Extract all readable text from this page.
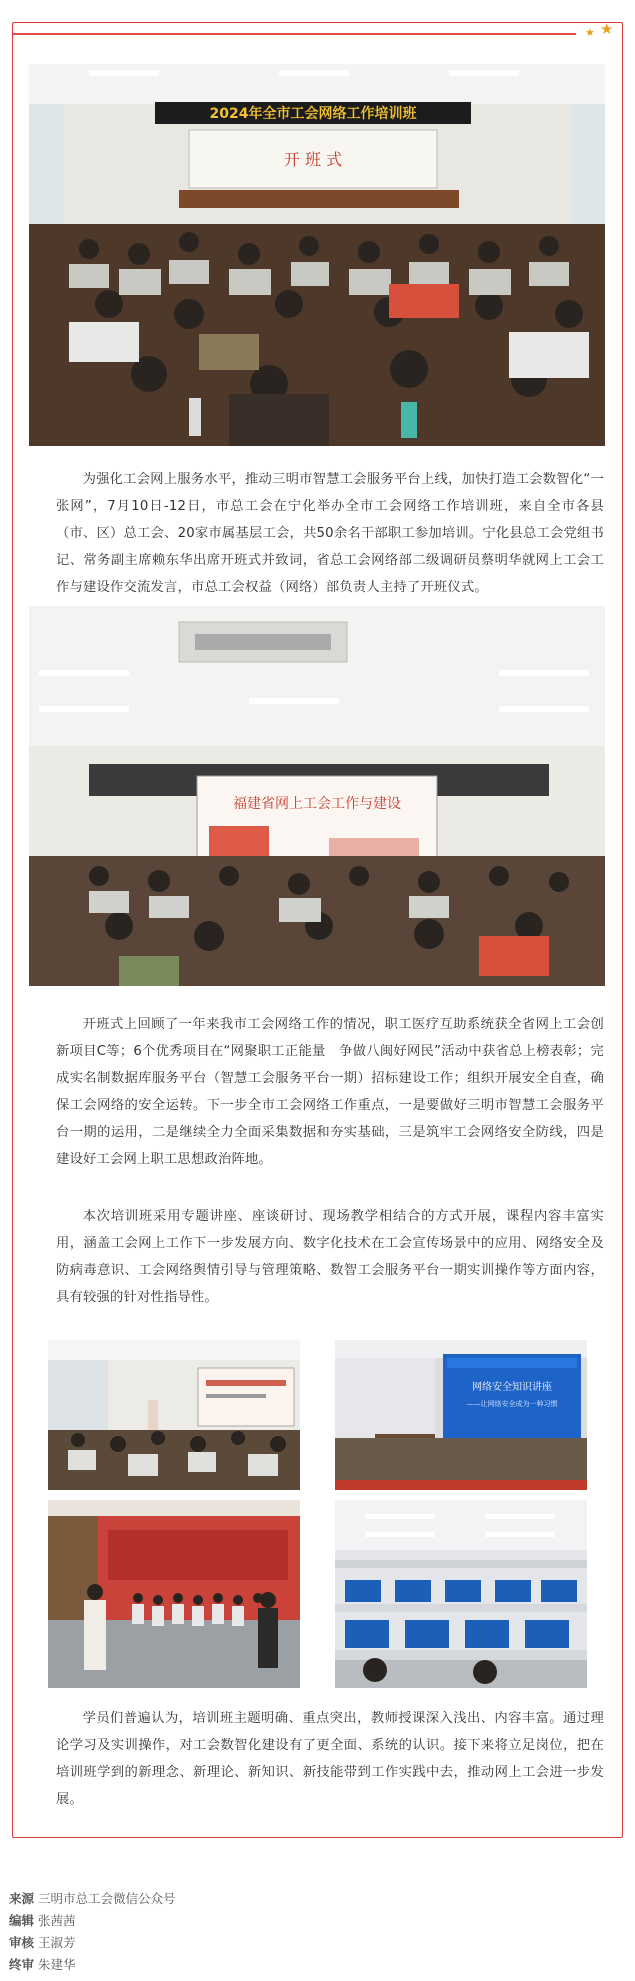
★ ★
2024年全市工会网络工作培训班
开 班 式

为强化工会网上服务水平，推动三明市智慧工会服务平台上线，加快打造工会数智化“一张网”，7月10日-12日，市总工会在宁化举办全市工会网络工作培训班，来自全市各县（市、区）总工会、20家市属基层工会，共50余名干部职工参加培训。宁化县总工会党组书记、常务副主席赖东华出席开班式并致词，省总工会网络部二级调研员蔡明华就网上工会工作与建设作交流发言，市总工会权益（网络）部负责人主持了开班仪式。

福建省网上工会工作与建设

开班式上回顾了一年来我市工会网络工作的情况，职工医疗互助系统获全省网上工会创新项目C等；6个优秀项目在“网聚职工正能量　争做八闽好网民”活动中获省总上榜表彰；完成实名制数据库服务平台（智慧工会服务平台一期）招标建设工作；组织开展安全自查，确保工会网络的安全运转。下一步全市工会网络工作重点，一是要做好三明市智慧工会服务平台一期的运用，二是继续全力全面采集数据和夯实基础，三是筑牢工会网络安全防线，四是建设好工会网上职工思想政治阵地。

本次培训班采用专题讲座、座谈研讨、现场教学相结合的方式开展，课程内容丰富实用，涵盖工会网上工作下一步发展方向、数字化技术在工会宣传场景中的应用、网络安全及防病毒意识、工会网络舆情引导与管理策略、数智工会服务平台一期实训操作等方面内容，具有较强的针对性指导性。

网络安全知识讲座
——让网络安全成为一种习惯

学员们普遍认为，培训班主题明确、重点突出，教师授课深入浅出、内容丰富。通过理论学习及实训操作，对工会数智化建设有了更全面、系统的认识。接下来将立足岗位，把在培训班学到的新理念、新理论、新知识、新技能带到工作实践中去，推动网上工会进一步发展。

来源 三明市总工会微信公众号
编辑 张茜茜
审核 王淑芳
终审 朱建华
